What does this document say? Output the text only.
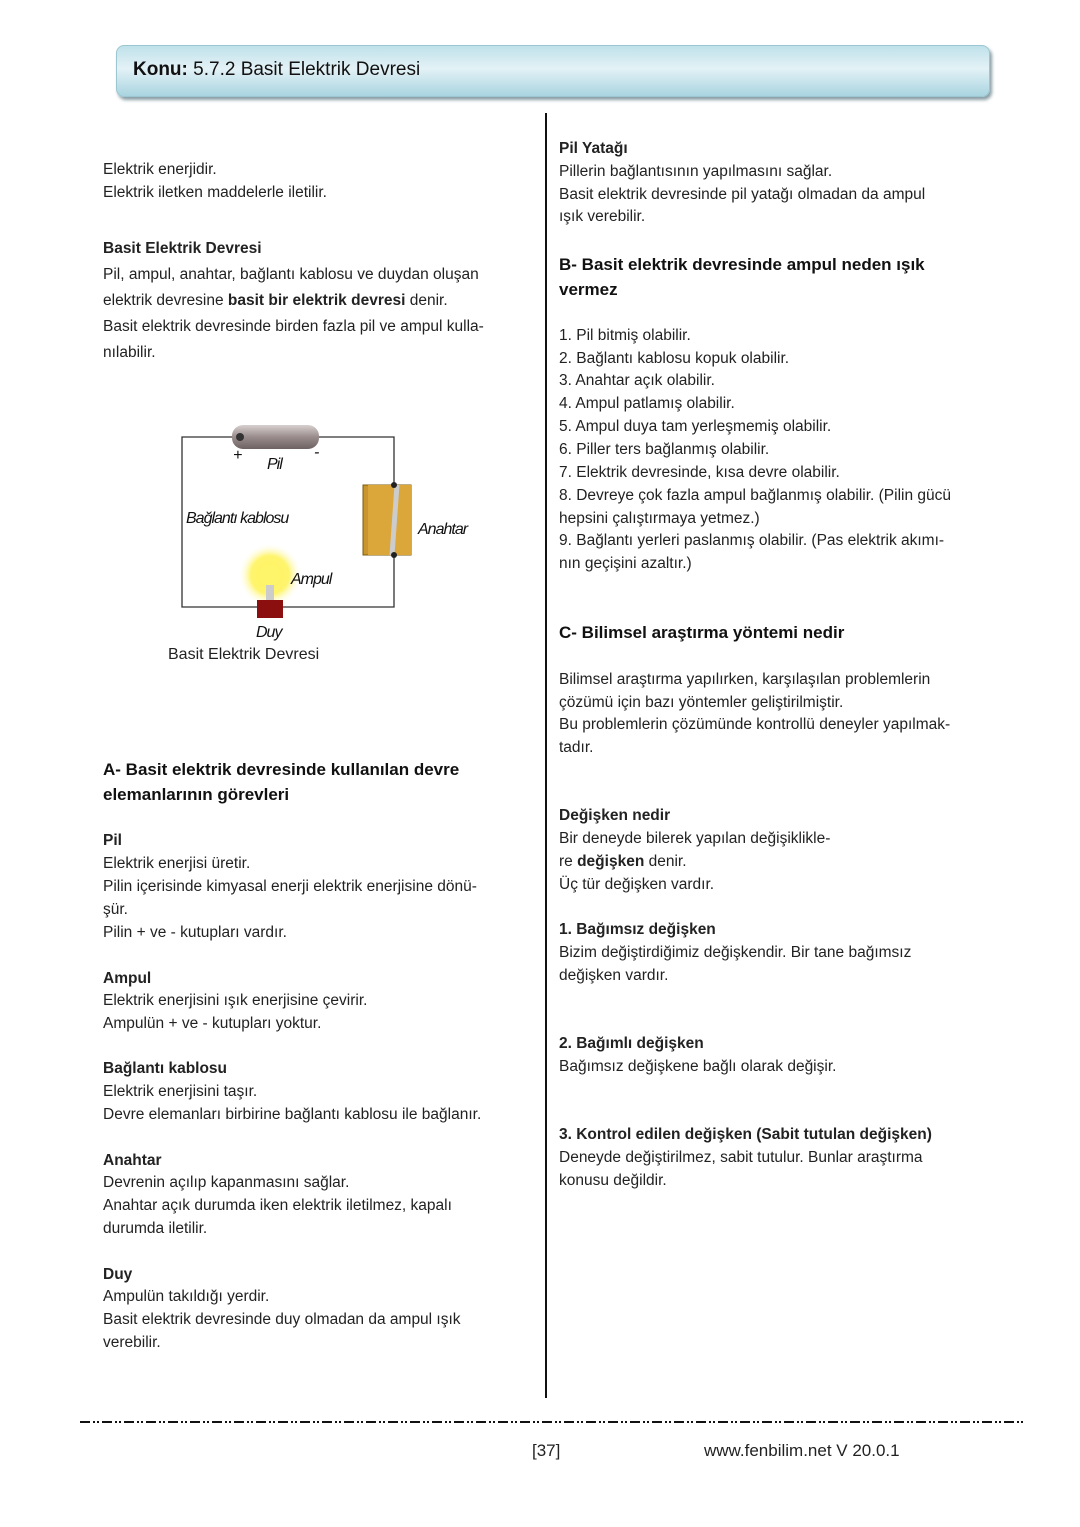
Konu: 5.7.2 Basit Elektrik Devresi
Elektrik enerjidir.
Elektrik iletken maddelerle iletilir.
Basit Elektrik Devresi
Pil, ampul, anahtar, bağlantı kablosu ve duydan oluşan
elektrik devresine basit bir elektrik devresi denir.
Basit elektrik devresinde birden fazla pil ve ampul kulla-
nılabilir.
+	-
Pil
Bağlantı kablosu
Anahtar
Ampul
Duy
Basit Elektrik Devresi
A- Basit elektrik devresinde kullanılan devre
elemanlarının görevleri
Pil
Elektrik enerjisi üretir.
Pilin içerisinde kimyasal enerji elektrik enerjisine dönü-
şür.
Pilin + ve - kutupları vardır.
Ampul
Elektrik enerjisini ışık enerjisine çevirir.
Ampulün + ve - kutupları yoktur.
Bağlantı kablosu
Elektrik enerjisini taşır.
Devre elemanları birbirine bağlantı kablosu ile bağlanır.
Anahtar
Devrenin açılıp kapanmasını sağlar.
Anahtar açık durumda iken elektrik iletilmez, kapalı
durumda iletilir.
Duy
Ampulün takıldığı yerdir.
Basit elektrik devresinde duy olmadan da ampul ışık
verebilir.
Pil Yatağı
Pillerin bağlantısının yapılmasını sağlar.
Basit elektrik devresinde pil yatağı olmadan da ampul
ışık verebilir.
B- Basit elektrik devresinde ampul neden ışık
vermez
1. Pil bitmiş olabilir.
2. Bağlantı kablosu kopuk olabilir.
3. Anahtar açık olabilir.
4. Ampul patlamış olabilir.
5. Ampul duya tam yerleşmemiş olabilir.
6. Piller ters bağlanmış olabilir.
7. Elektrik devresinde, kısa devre olabilir.
8. Devreye çok fazla ampul bağlanmış olabilir. (Pilin gücü
hepsini çalıştırmaya yetmez.)
9. Bağlantı yerleri paslanmış olabilir. (Pas elektrik akımı-
nın geçişini azaltır.)
C- Bilimsel araştırma yöntemi nedir
Bilimsel araştırma yapılırken, karşılaşılan problemlerin
çözümü için bazı yöntemler geliştirilmiştir.
Bu problemlerin çözümünde kontrollü deneyler yapılmak-
tadır.
Değişken nedir
Bir deneyde bilerek yapılan değişiklikle-
re değişken denir.
Üç tür değişken vardır.
1. Bağımsız değişken
Bizim değiştirdiğimiz değişkendir. Bir tane bağımsız
değişken vardır.
2. Bağımlı değişken
Bağımsız değişkene bağlı olarak değişir.
3. Kontrol edilen değişken (Sabit tutulan değişken)
Deneyde değiştirilmez, sabit tutulur. Bunlar araştırma
konusu değildir.
[37]	www.fenbilim.net V 20.0.1
